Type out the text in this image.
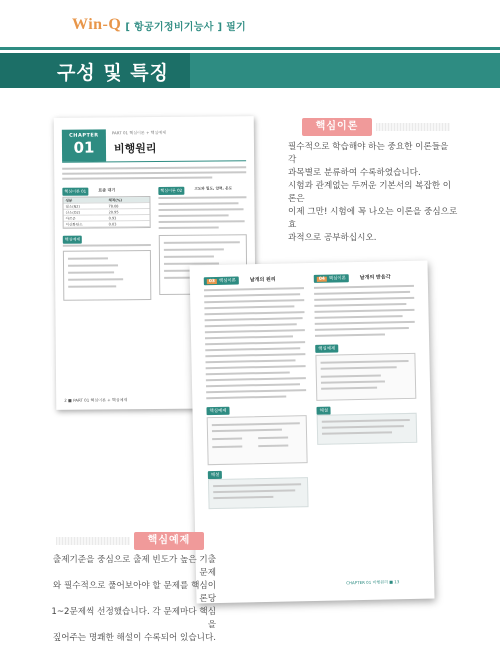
Win-Q [ 항공기정비기능사 ] 필기
구성 및 특징
핵심이론
필수적으로 학습해야 하는 중요한 이론들을 각
과목별로 분류하여 수록하였습니다.
시험과 관계없는 두꺼운 기본서의 복잡한 이론은
이제 그만! 시험에 꼭 나오는 이론을 중심으로 효
과적으로 공부하십시오.
CHAPTER
01
PART 01 핵심이론 + 핵심예제
비행원리
핵심이론 01	표준 대기
성분	체적(%)
질소(N2)	78.08
산소(O2)	20.95
아르곤	0.93
이산화탄소	0.03
핵심예제
핵심이론 02	고도와 밀도, 압력, 온도
2 ■ PART 01 핵심이론 + 핵심예제
03 핵심이론	날개의 원리	04 핵심이론	날개의 받음각
핵심예제
해설
핵심예제
해설
CHAPTER 01 비행원리 ■ 13
핵심예제
출제기준을 중심으로 출제 빈도가 높은 기출문제
와 필수적으로 풀어보아야 할 문제를 핵심이론당
1~2문제씩 선정했습니다. 각 문제마다 핵심을
짚어주는 명쾌한 해설이 수록되어 있습니다.
